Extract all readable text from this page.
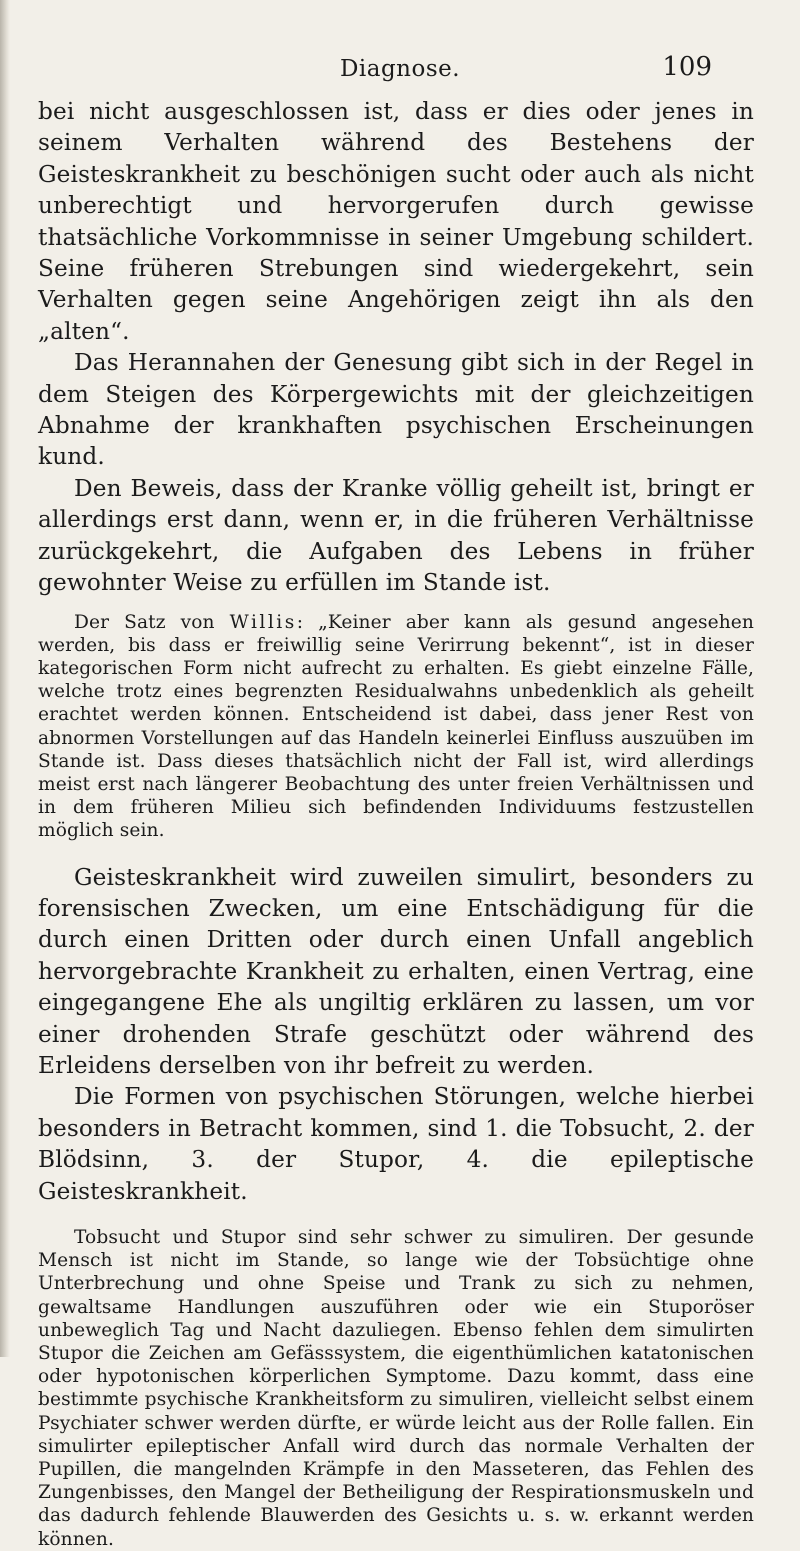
Diagnose.	109

bei nicht ausgeschlossen ist, dass er dies oder jenes in seinem Verhalten während des Bestehens der Geisteskrankheit zu beschönigen sucht oder auch als nicht unberechtigt und hervorgerufen durch gewisse thatsächliche Vorkommnisse in seiner Umgebung schildert. Seine früheren Strebungen sind wiedergekehrt, sein Verhalten gegen seine Angehörigen zeigt ihn als den „alten“.

Das Herannahen der Genesung gibt sich in der Regel in dem Steigen des Körpergewichts mit der gleichzeitigen Abnahme der krankhaften psychischen Erscheinungen kund.

Den Beweis, dass der Kranke völlig geheilt ist, bringt er allerdings erst dann, wenn er, in die früheren Verhältnisse zurückgekehrt, die Aufgaben des Lebens in früher gewohnter Weise zu erfüllen im Stande ist.

Der Satz von Willis: „Keiner aber kann als gesund angesehen werden, bis dass er freiwillig seine Verirrung bekennt“, ist in dieser kategorischen Form nicht aufrecht zu erhalten. Es giebt einzelne Fälle, welche trotz eines begrenzten Residualwahns unbedenklich als geheilt erachtet werden können. Entscheidend ist dabei, dass jener Rest von abnormen Vorstellungen auf das Handeln keinerlei Einfluss auszuüben im Stande ist. Dass dieses thatsächlich nicht der Fall ist, wird allerdings meist erst nach längerer Beobachtung des unter freien Verhältnissen und in dem früheren Milieu sich befindenden Individuums festzustellen möglich sein.

Geisteskrankheit wird zuweilen simulirt, besonders zu forensischen Zwecken, um eine Entschädigung für die durch einen Dritten oder durch einen Unfall angeblich hervorgebrachte Krankheit zu erhalten, einen Vertrag, eine eingegangene Ehe als ungiltig erklären zu lassen, um vor einer drohenden Strafe geschützt oder während des Erleidens derselben von ihr befreit zu werden.

Die Formen von psychischen Störungen, welche hierbei besonders in Betracht kommen, sind 1. die Tobsucht, 2. der Blödsinn, 3. der Stupor, 4. die epileptische Geisteskrankheit.

Tobsucht und Stupor sind sehr schwer zu simuliren. Der gesunde Mensch ist nicht im Stande, so lange wie der Tobsüchtige ohne Unterbrechung und ohne Speise und Trank zu sich zu nehmen, gewaltsame Handlungen auszuführen oder wie ein Stuporöser unbeweglich Tag und Nacht dazuliegen. Ebenso fehlen dem simulirten Stupor die Zeichen am Gefässsystem, die eigenthümlichen katatonischen oder hypotonischen körperlichen Symptome. Dazu kommt, dass eine bestimmte psychische Krankheitsform zu simuliren, vielleicht selbst einem Psychiater schwer werden dürfte, er würde leicht aus der Rolle fallen. Ein simulirter epileptischer Anfall wird durch das normale Verhalten der Pupillen, die mangelnden Krämpfe in den Masseteren, das Fehlen des Zungenbisses, den Mangel der Betheiligung der Respirationsmuskeln und das dadurch fehlende Blauwerden des Gesichts u. s. w. erkannt werden können.
